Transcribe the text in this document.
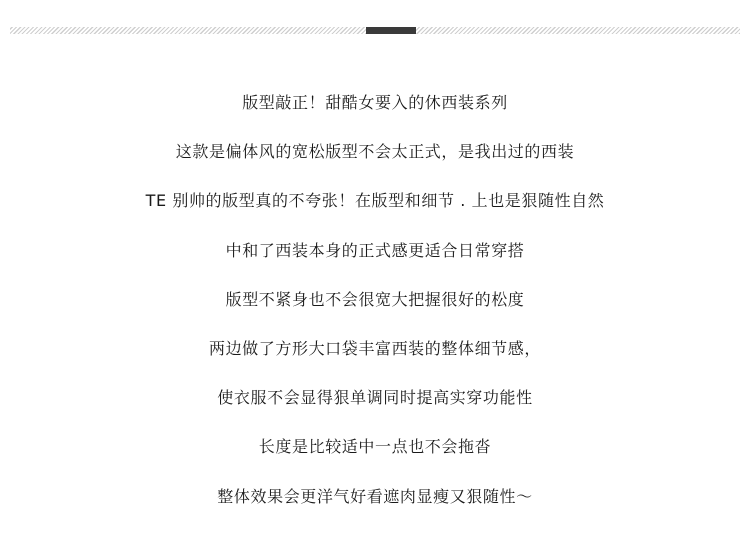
版型敲正！甜酷女要入的休西装系列
这款是偏体风的宽松版型不会太正式，是我出过的西装
TE 别帅的版型真的不夸张！在版型和细节 . 上也是狠随性自然
中和了西装本身的正式感更适合日常穿搭
版型不紧身也不会很宽大把握很好的松度
两边做了方形大口袋丰富西装的整体细节感，
使衣服不会显得狠单调同时提高实穿功能性
长度是比较适中一点也不会拖沓
整体效果会更洋气好看遮肉显瘦又狠随性～
